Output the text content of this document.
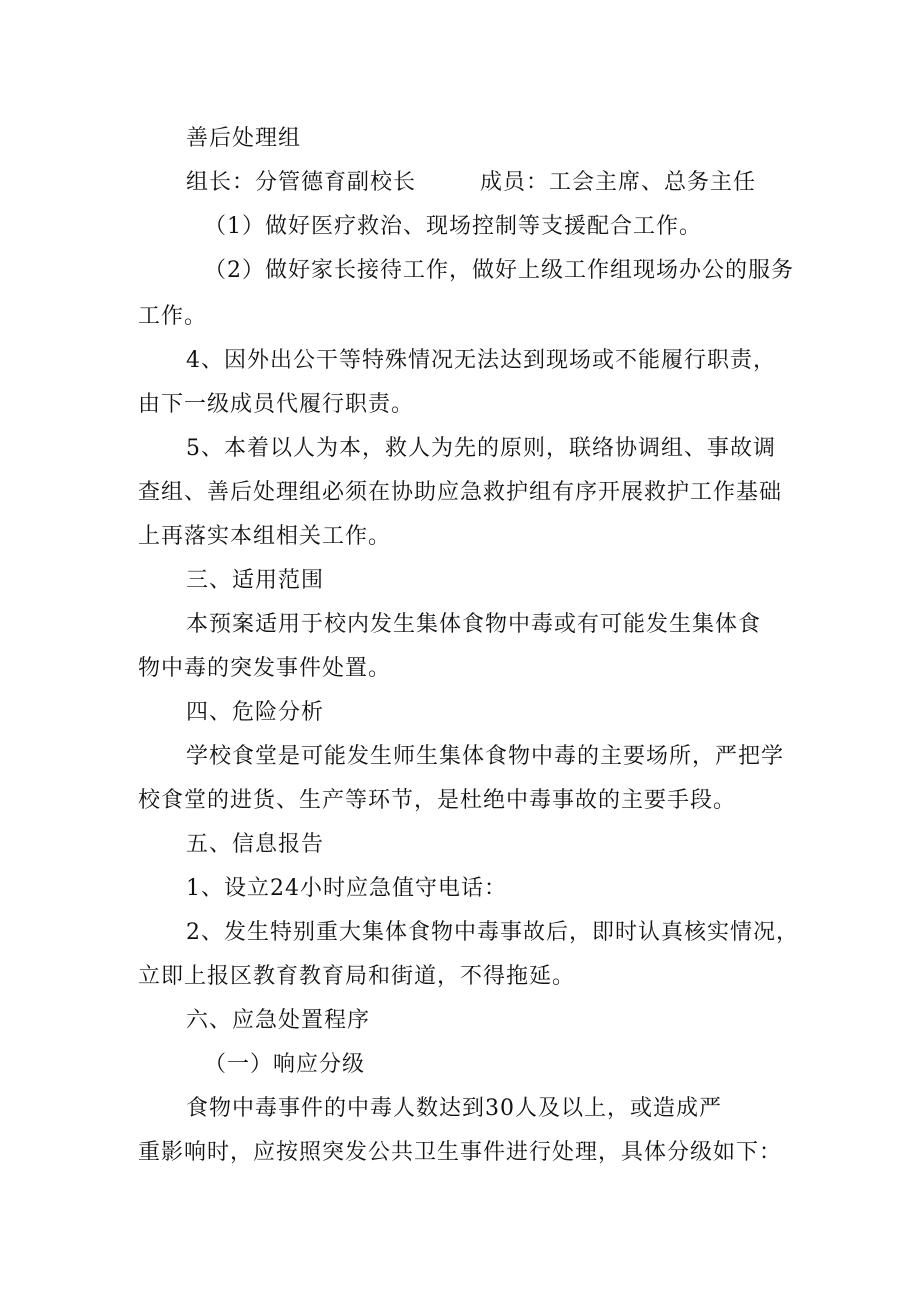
善后处理组
组长：分管德育副校长	成员：工会主席、总务主任
（1）做好医疗救治、现场控制等支援配合工作。
（2）做好家长接待工作，做好上级工作组现场办公的服务
工作。
4、因外出公干等特殊情况无法达到现场或不能履行职责，
由下一级成员代履行职责。
5、本着以人为本，救人为先的原则，联络协调组、事故调
查组、善后处理组必须在协助应急救护组有序开展救护工作基础
上再落实本组相关工作。
三、适用范围
本预案适用于校内发生集体食物中毒或有可能发生集体食
物中毒的突发事件处置。
四、危险分析
学校食堂是可能发生师生集体食物中毒的主要场所，严把学
校食堂的进货、生产等环节，是杜绝中毒事故的主要手段。
五、信息报告
1、设立24小时应急值守电话：
2、发生特别重大集体食物中毒事故后，即时认真核实情况，
立即上报区教育教育局和街道，不得拖延。
六、应急处置程序
（一）响应分级
食物中毒事件的中毒人数达到30人及以上，或造成严
重影响时，应按照突发公共卫生事件进行处理，具体分级如下：
